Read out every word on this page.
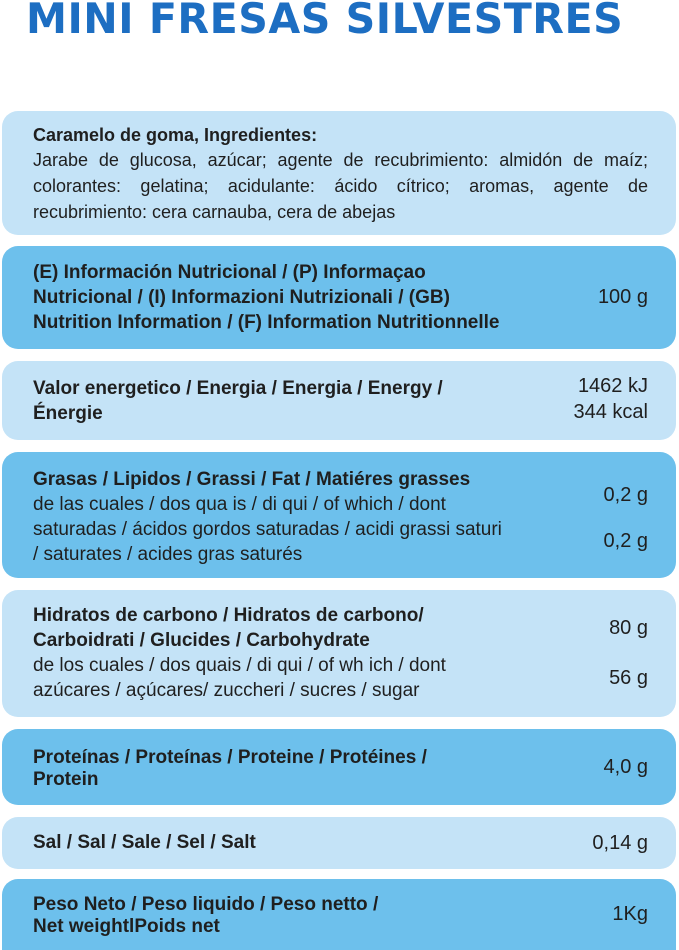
MINI FRESAS SILVESTRES
Caramelo de goma, Ingredientes:
Jarabe de glucosa, azúcar; agente de recubrimiento: almidón de maíz; colorantes: gelatina; acidulante: ácido cítrico; aromas, agente de recubrimiento: cera carnauba, cera de abejas
(E) Información Nutricional / (P) Informaçao
Nutricional / (I) Informazioni Nutrizionali / (GB)
Nutrition Information / (F) Information Nutritionnelle
100 g
Valor energetico / Energia / Energia / Energy /
Énergie
1462 kJ
344 kcal
Grasas / Lipidos / Grassi / Fat / Matiéres grasses
de las cuales / dos qua is / di qui / of which / dont
saturadas / ácidos gordos saturadas / acidi grassi saturi
/ saturates / acides gras saturés
0,2 g
0,2 g
Hidratos de carbono / Hidratos de carbono/
Carboidrati / Glucides / Carbohydrate
de los cuales / dos quais / di qui / of wh ich / dont
azúcares / açúcares/ zuccheri / sucres / sugar
80 g
56 g
Proteínas / Proteínas / Proteine / Protéines /
Protein
4,0 g
Sal / Sal / Sale / Sel / Salt	0,14 g
Peso Neto / Peso liquido / Peso netto /
Net weightlPoids net
1Kg
